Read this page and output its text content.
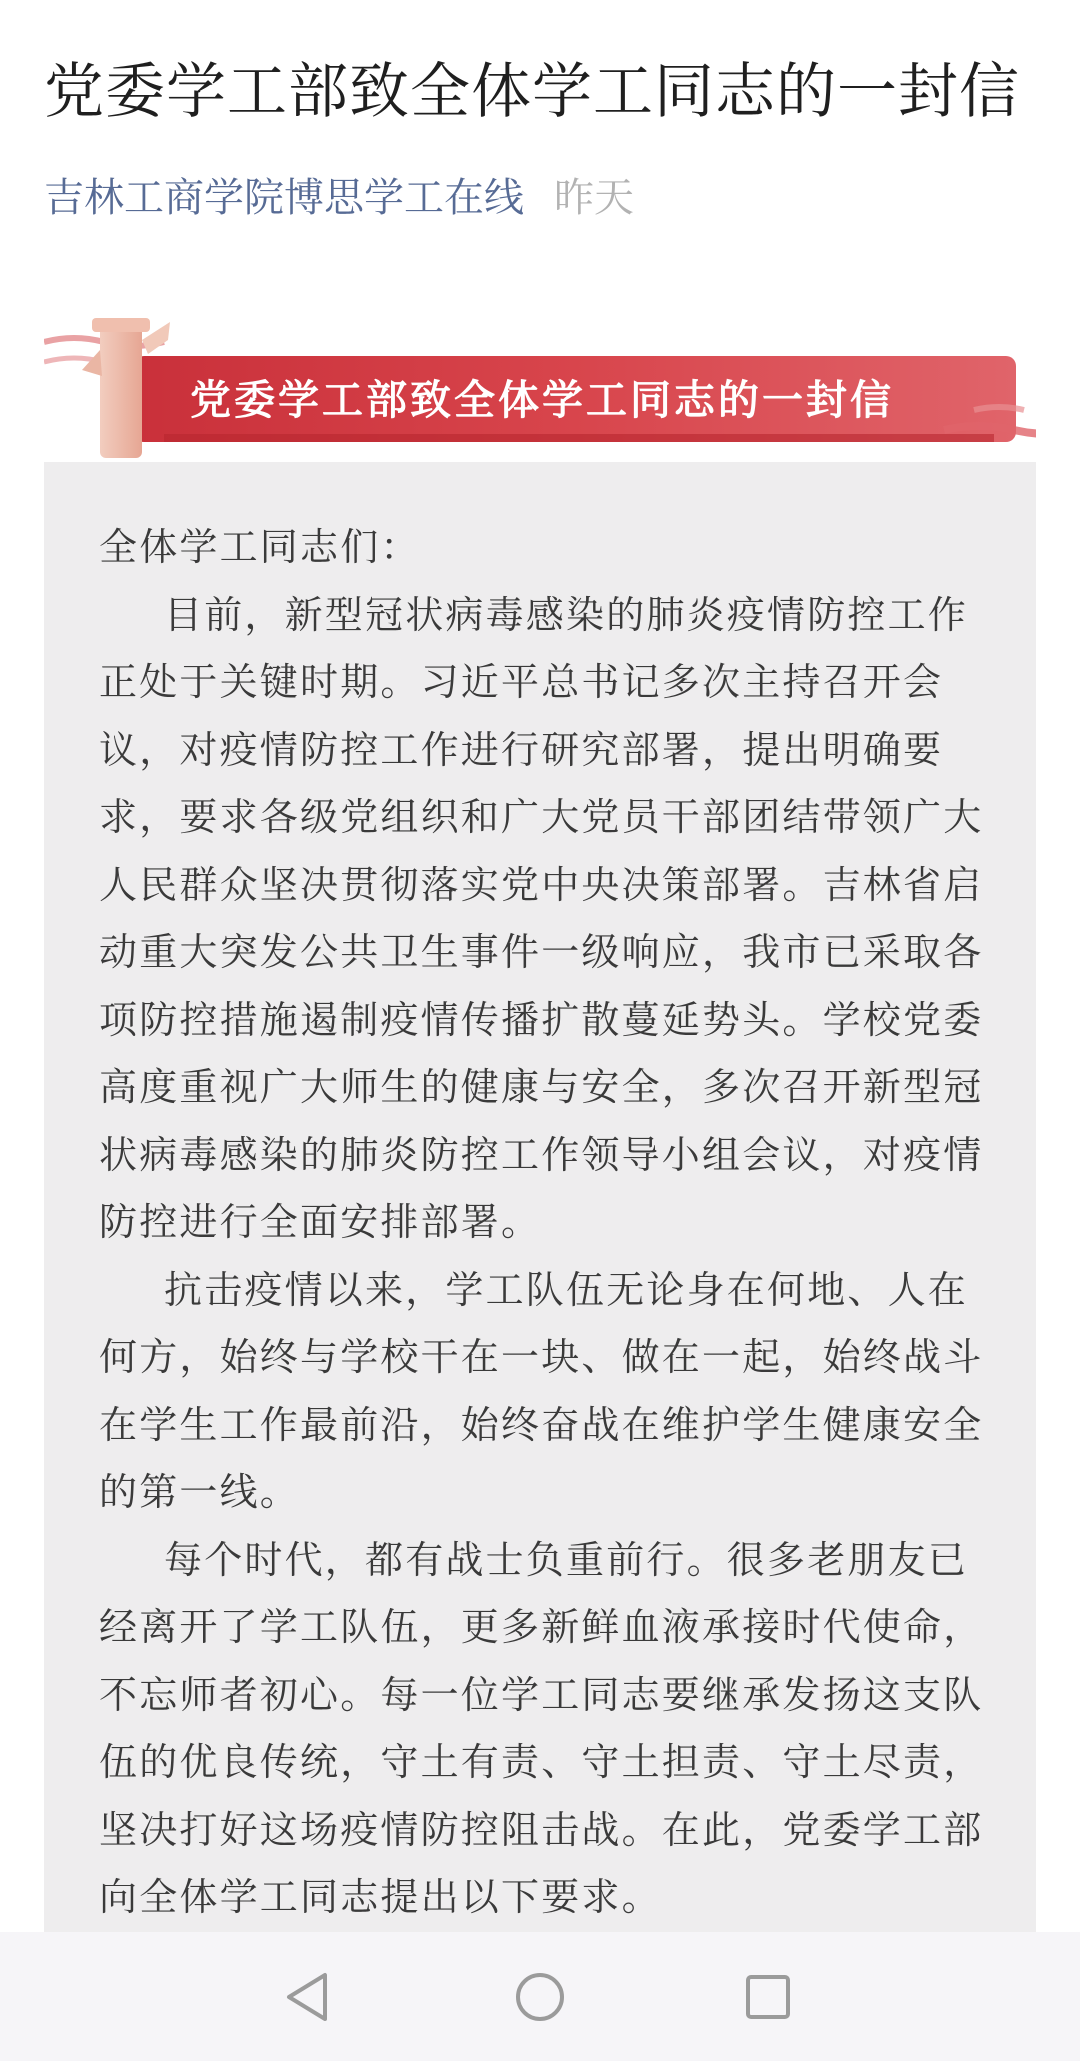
党委学工部致全体学工同志的一封信
吉林工商学院博思学工在线 昨天
党委学工部致全体学工同志的一封信

全体学工同志们：

目前，新型冠状病毒感染的肺炎疫情防控工作正处于关键时期。习近平总书记多次主持召开会议，对疫情防控工作进行研究部署，提出明确要求，要求各级党组织和广大党员干部团结带领广大人民群众坚决贯彻落实党中央决策部署。吉林省启动重大突发公共卫生事件一级响应，我市已采取各项防控措施遏制疫情传播扩散蔓延势头。学校党委高度重视广大师生的健康与安全，多次召开新型冠状病毒感染的肺炎防控工作领导小组会议，对疫情防控进行全面安排部署。

抗击疫情以来，学工队伍无论身在何地、人在何方，始终与学校干在一块、做在一起，始终战斗在学生工作最前沿，始终奋战在维护学生健康安全的第一线。

每个时代，都有战士负重前行。很多老朋友已经离开了学工队伍，更多新鲜血液承接时代使命，不忘师者初心。每一位学工同志要继承发扬这支队伍的优良传统，守土有责、守土担责、守土尽责，坚决打好这场疫情防控阻击战。在此，党委学工部向全体学工同志提出以下要求。
